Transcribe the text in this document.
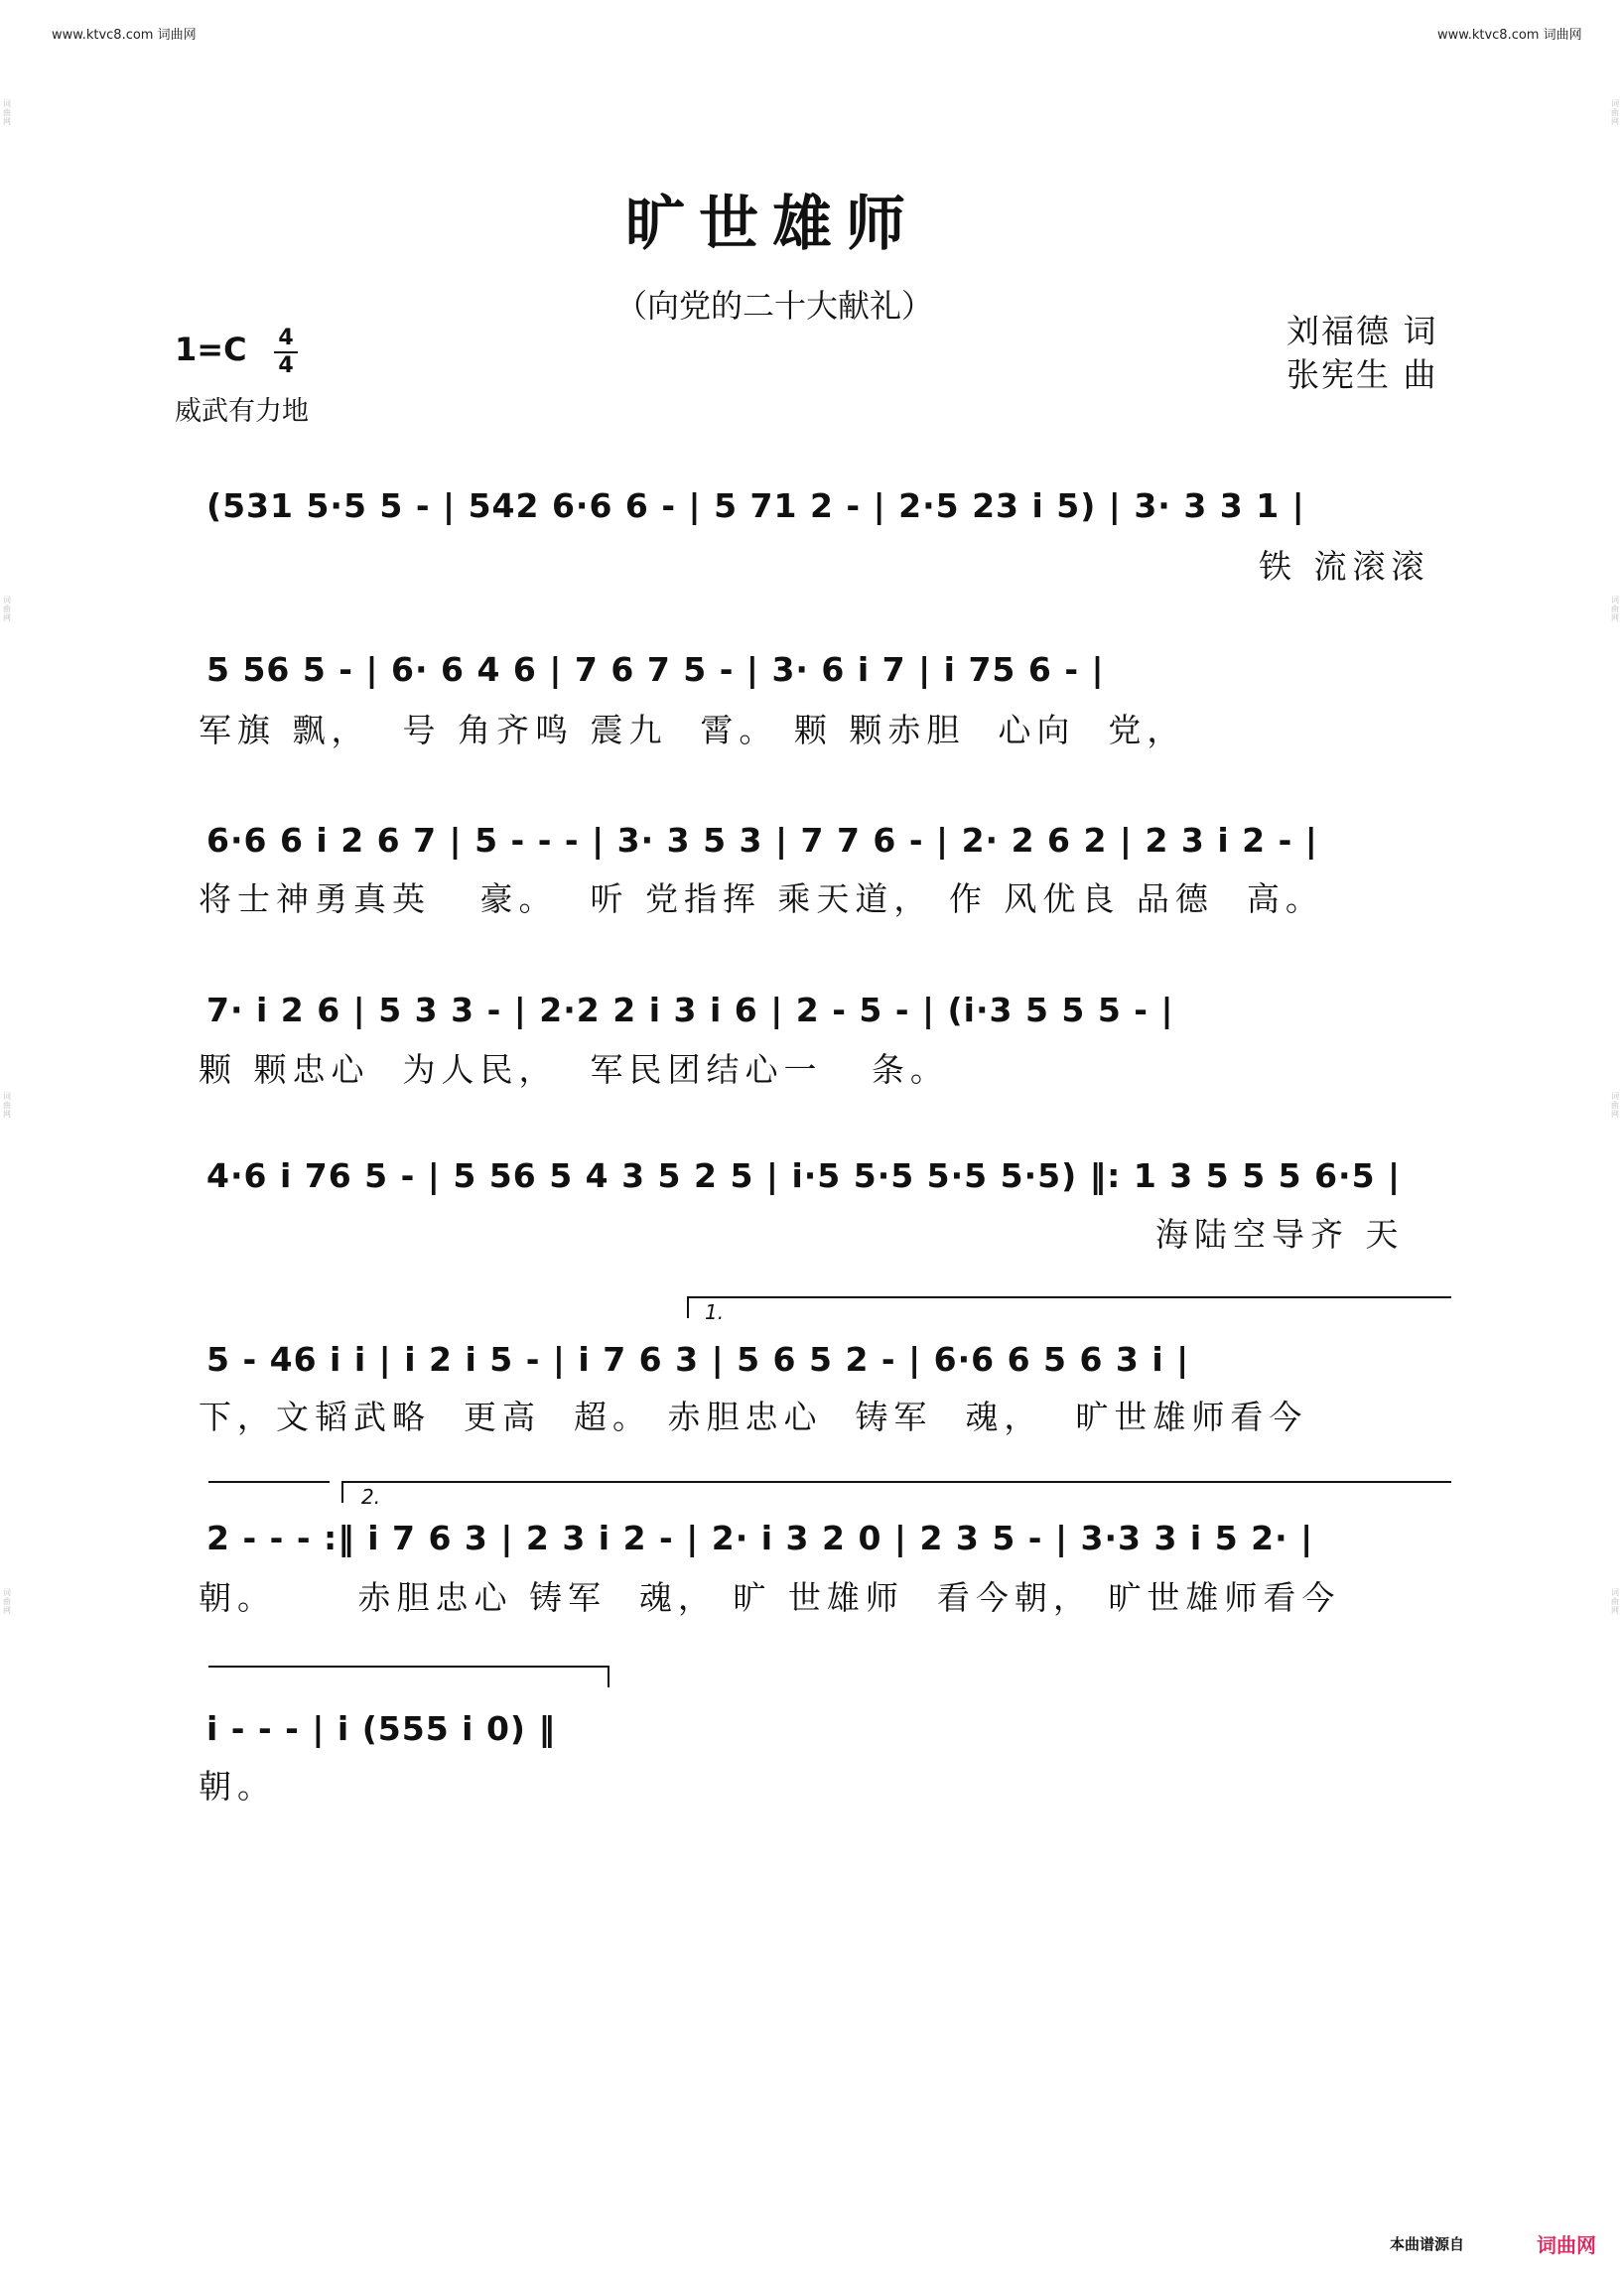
www.ktvc8.com 词曲网	www.ktvc8.com 词曲网
词
曲
网
词
曲
网
词
曲
网
词
曲
网
词
曲
网
词
曲
网
词
曲
网
词
曲
网
旷世雄师
（向党的二十大献礼）
刘福德 词
张宪生 曲
1=C 4
4
威武有力地
(531 5·5 5 - | 542 6·6 6 - | 5 71 2 - | 2·5 23 i 5) | 3· 3 3 1 |
铁 流滚滚
5 56 5 - | 6· 6 4 6 | 7 6 7 5 - | 3· 6 i 7 | i 75 6 - |
军旗 飘，  号 角齐鸣 震九  霄。 颗 颗赤胆  心向  党，
6·6 6 i 2 6 7 | 5 - - - | 3· 3 5 3 | 7 7 6 - | 2· 2 6 2 | 2 3 i 2 - |
将士神勇真英   豪。  听 党指挥 乘天道， 作 风优良 品德  高。
7· i 2 6 | 5 3 3 - | 2·2 2 i 3 i 6 | 2 - 5 - | (i·3 5 5 5 - |
颗 颗忠心  为人民，  军民团结心一   条。
4·6 i 76 5 - | 5 56 5 4 3 5 2 5 | i·5 5·5 5·5 5·5) ‖: 1 3 5 5 5 6·5 |
海陆空导齐 天
1.
5 - 46 i i | i 2 i 5 - | i 7 6 3 | 5 6 5 2 - | 6·6 6 5 6 3 i |
下，文韬武略  更高  超。 赤胆忠心  铸军  魂，  旷世雄师看今
2.
2 - - - :‖ i 7 6 3 | 2 3 i 2 - | 2· i 3 2 0 | 2 3 5 - | 3·3 3 i 5 2· |
朝。     赤胆忠心 铸军  魂， 旷 世雄师  看今朝， 旷世雄师看今
i - - - | i (555 i 0) ‖
朝。
本曲谱源自	词曲网
